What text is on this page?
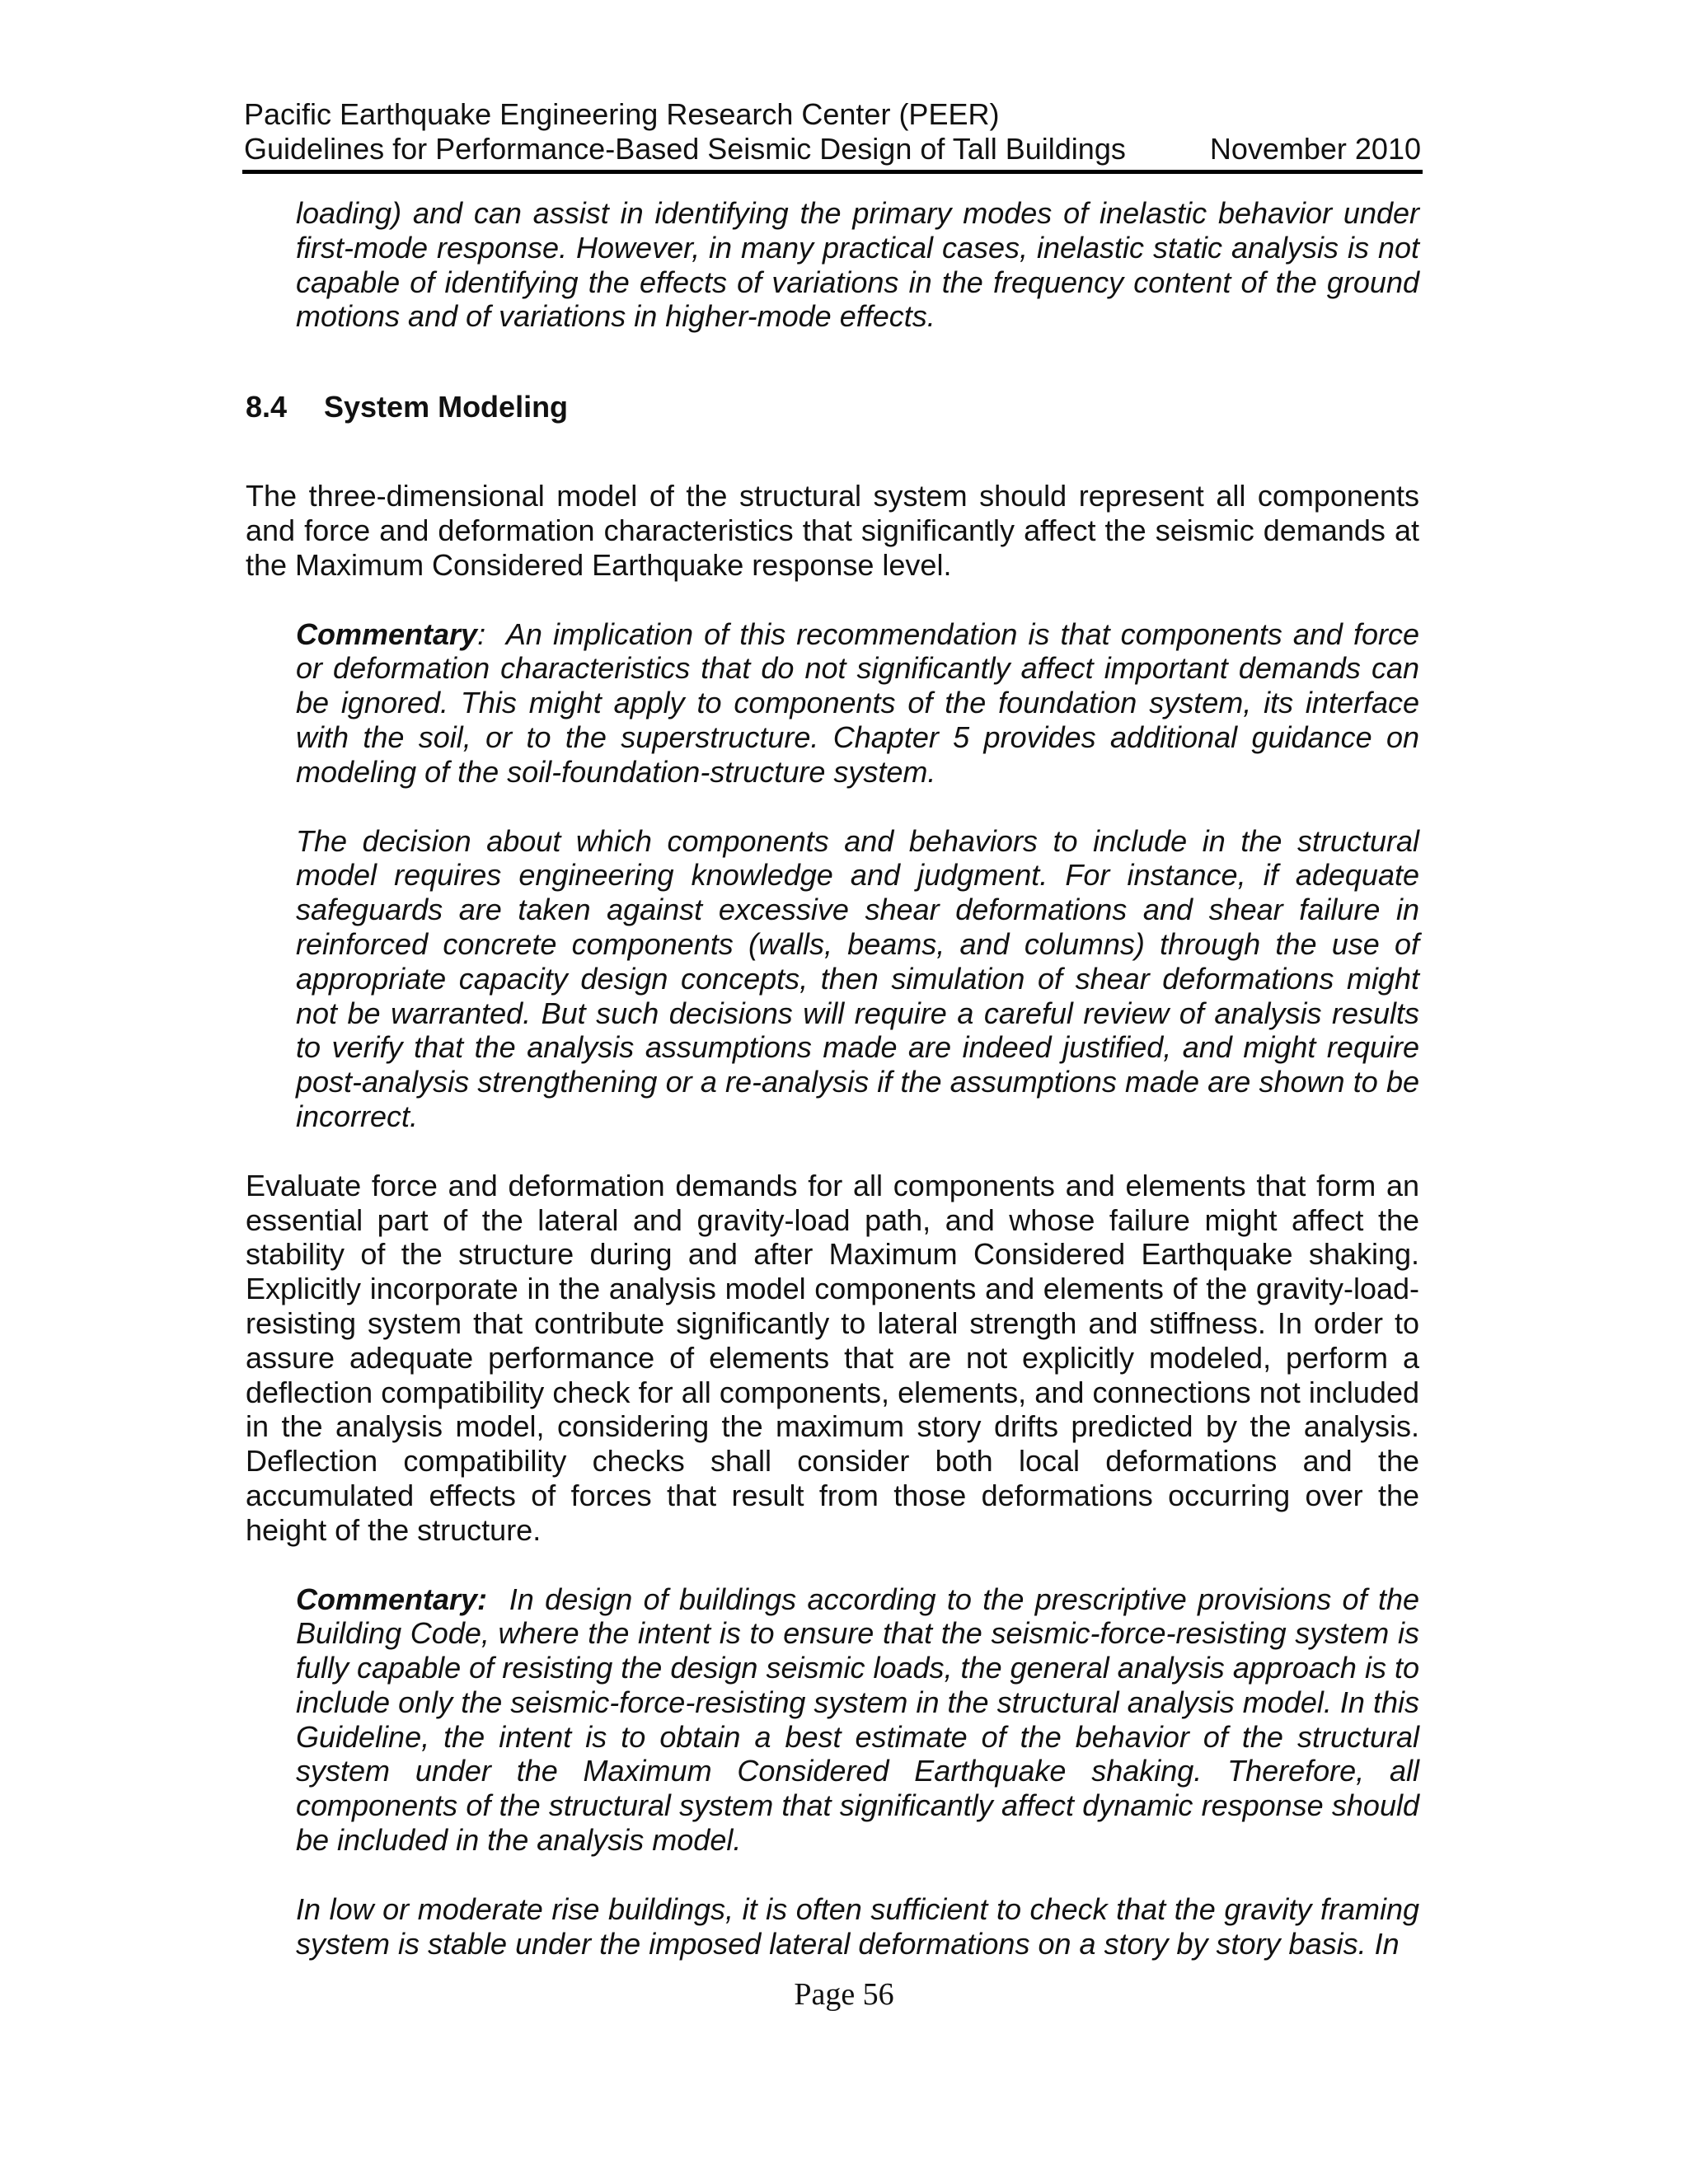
Pacific Earthquake Engineering Research Center (PEER)
Guidelines for Performance-Based Seismic Design of Tall Buildings	November 2010

loading) and can assist in identifying the primary modes of inelastic behavior under first-mode response. However, in many practical cases, inelastic static analysis is not capable of identifying the effects of variations in the frequency content of the ground motions and of variations in higher-mode effects.

8.4 System Modeling

The three-dimensional model of the structural system should represent all components and force and deformation characteristics that significantly affect the seismic demands at the Maximum Considered Earthquake response level.

Commentary:  An implication of this recommendation is that components and force or deformation characteristics that do not significantly affect important demands can be ignored. This might apply to components of the foundation system, its interface with the soil, or to the superstructure. Chapter 5 provides additional guidance on modeling of the soil-foundation-structure system.

The decision about which components and behaviors to include in the structural model requires engineering knowledge and judgment. For instance, if adequate safeguards are taken against excessive shear deformations and shear failure in reinforced concrete components (walls, beams, and columns) through the use of appropriate capacity design concepts, then simulation of shear deformations might not be warranted. But such decisions will require a careful review of analysis results to verify that the analysis assumptions made are indeed justified, and might require post-analysis strengthening or a re-analysis if the assumptions made are shown to be incorrect.

Evaluate force and deformation demands for all components and elements that form an essential part of the lateral and gravity-load path, and whose failure might affect the stability of the structure during and after Maximum Considered Earthquake shaking. Explicitly incorporate in the analysis model components and elements of the gravity-load-resisting system that contribute significantly to lateral strength and stiffness. In order to assure adequate performance of elements that are not explicitly modeled, perform a deflection compatibility check for all components, elements, and connections not included in the analysis model, considering the maximum story drifts predicted by the analysis. Deflection compatibility checks shall consider both local deformations and the accumulated effects of forces that result from those deformations occurring over the height of the structure.

Commentary: In design of buildings according to the prescriptive provisions of the Building Code, where the intent is to ensure that the seismic-force-resisting system is fully capable of resisting the design seismic loads, the general analysis approach is to include only the seismic-force-resisting system in the structural analysis model. In this Guideline, the intent is to obtain a best estimate of the behavior of the structural system under the Maximum Considered Earthquake shaking. Therefore, all components of the structural system that significantly affect dynamic response should be included in the analysis model.

In low or moderate rise buildings, it is often sufficient to check that the gravity framing system is stable under the imposed lateral deformations on a story by story basis. In

Page 56
